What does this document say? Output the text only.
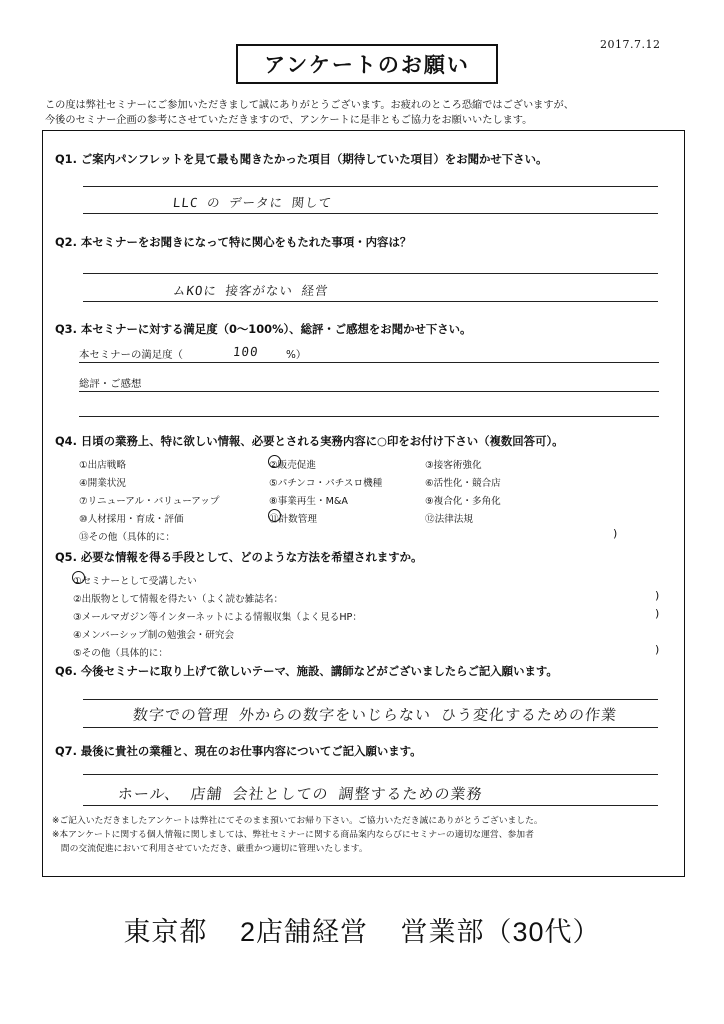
2017.7.12
アンケートのお願い
この度は弊社セミナーにご参加いただきまして誠にありがとうございます。お疲れのところ恐縮ではございますが、
今後のセミナー企画の参考にさせていただきますので、アンケートに是非ともご協力をお願いいたします。
Q1. ご案内パンフレットを見て最も聞きたかった項目（期待していた項目）をお聞かせ下さい。
LLC の データに 関して
Q2. 本セミナーをお聞きになって特に関心をもたれた事項・内容は？
ムKOに 接客がない 経営
Q3. 本セミナーに対する満足度（0～100%）、総評・ご感想をお聞かせ下さい。
本セミナーの満足度（	100	%）
総評・ご感想
Q4. 日頃の業務上、特に欲しい情報、必要とされる実務内容に○印をお付け下さい（複数回答可）。
①出店戦略	②販売促進	③接客術強化
④開業状況	⑤パチンコ・パチスロ機種	⑥活性化・競合店
⑦リニューアル・バリューアップ	⑧事業再生・M&A	⑨複合化・多角化
⑩人材採用・育成・評価	⑪計数管理	⑫法律法規
⑬その他（具体的に：	)
Q5. 必要な情報を得る手段として、どのような方法を希望されますか。
①セミナーとして受講したい
②出版物として情報を得たい（よく読む雑誌名：	)
③メールマガジン等インターネットによる情報収集（よく見るHP：	)
④メンバーシップ制の勉強会・研究会
⑤その他（具体的に：	)
Q6. 今後セミナーに取り上げて欲しいテーマ、施設、講師などがございましたらご記入願います。
数字での管理 外からの数字をいじらない ひう変化するための作業
Q7. 最後に貴社の業種と、現在のお仕事内容についてご記入願います。
ホール、 店舗 会社としての 調整するための業務
※ご記入いただきましたアンケートは弊社にてそのまま預いてお帰り下さい。ご協力いただき誠にありがとうございました。
※本アンケートに関する個人情報に関しましては、弊社セミナーに関する商品案内ならびにセミナーの適切な運営、参加者
　間の交流促進において利用させていただき、厳重かつ適切に管理いたします。
東京都 2店舗経営 営業部（30代）
